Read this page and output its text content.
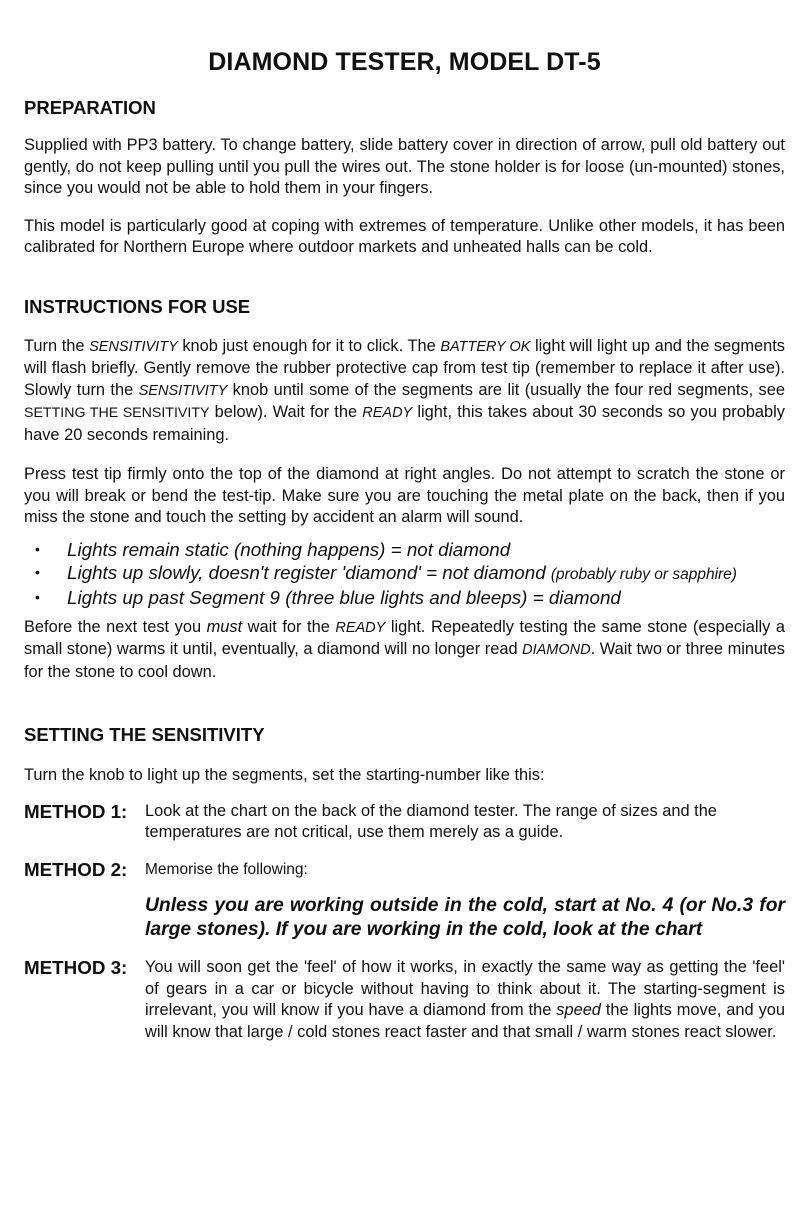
DIAMOND TESTER, MODEL DT-5
PREPARATION

Supplied with PP3 battery. To change battery, slide battery cover in direction of arrow, pull old battery out gently, do not keep pulling until you pull the wires out. The stone holder is for loose (un-mounted) stones, since you would not be able to hold them in your fingers.

This model is particularly good at coping with extremes of temperature. Unlike other models, it has been calibrated for Northern Europe where outdoor markets and unheated halls can be cold.

INSTRUCTIONS FOR USE

Turn the SENSITIVITY knob just enough for it to click. The BATTERY OK light will light up and the segments will flash briefly. Gently remove the rubber protective cap from test tip (remember to replace it after use). Slowly turn the SENSITIVITY knob until some of the segments are lit (usually the four red segments, see SETTING THE SENSITIVITY below). Wait for the READY light, this takes about 30 seconds so you probably have 20 seconds remaining.

Press test tip firmly onto the top of the diamond at right angles. Do not attempt to scratch the stone or you will break or bend the test-tip. Make sure you are touching the metal plate on the back, then if you miss the stone and touch the setting by accident an alarm will sound.

• Lights remain static (nothing happens) = not diamond
• Lights up slowly, doesn't register 'diamond' = not diamond (probably ruby or sapphire)
• Lights up past Segment 9 (three blue lights and bleeps) = diamond

Before the next test you must wait for the READY light. Repeatedly testing the same stone (especially a small stone) warms it until, eventually, a diamond will no longer read DIAMOND. Wait two or three minutes for the stone to cool down.

SETTING THE SENSITIVITY

Turn the knob to light up the segments, set the starting-number like this:

METHOD 1:	Look at the chart on the back of the diamond tester. The range of sizes and the temperatures are not critical, use them merely as a guide.

METHOD 2:	Memorise the following:

Unless you are working outside in the cold, start at No. 4 (or No.3 for large stones). If you are working in the cold, look at the chart

METHOD 3:	You will soon get the 'feel' of how it works, in exactly the same way as getting the 'feel' of gears in a car or bicycle without having to think about it. The starting-segment is irrelevant, you will know if you have a diamond from the speed the lights move, and you will know that large / cold stones react faster and that small / warm stones react slower.
